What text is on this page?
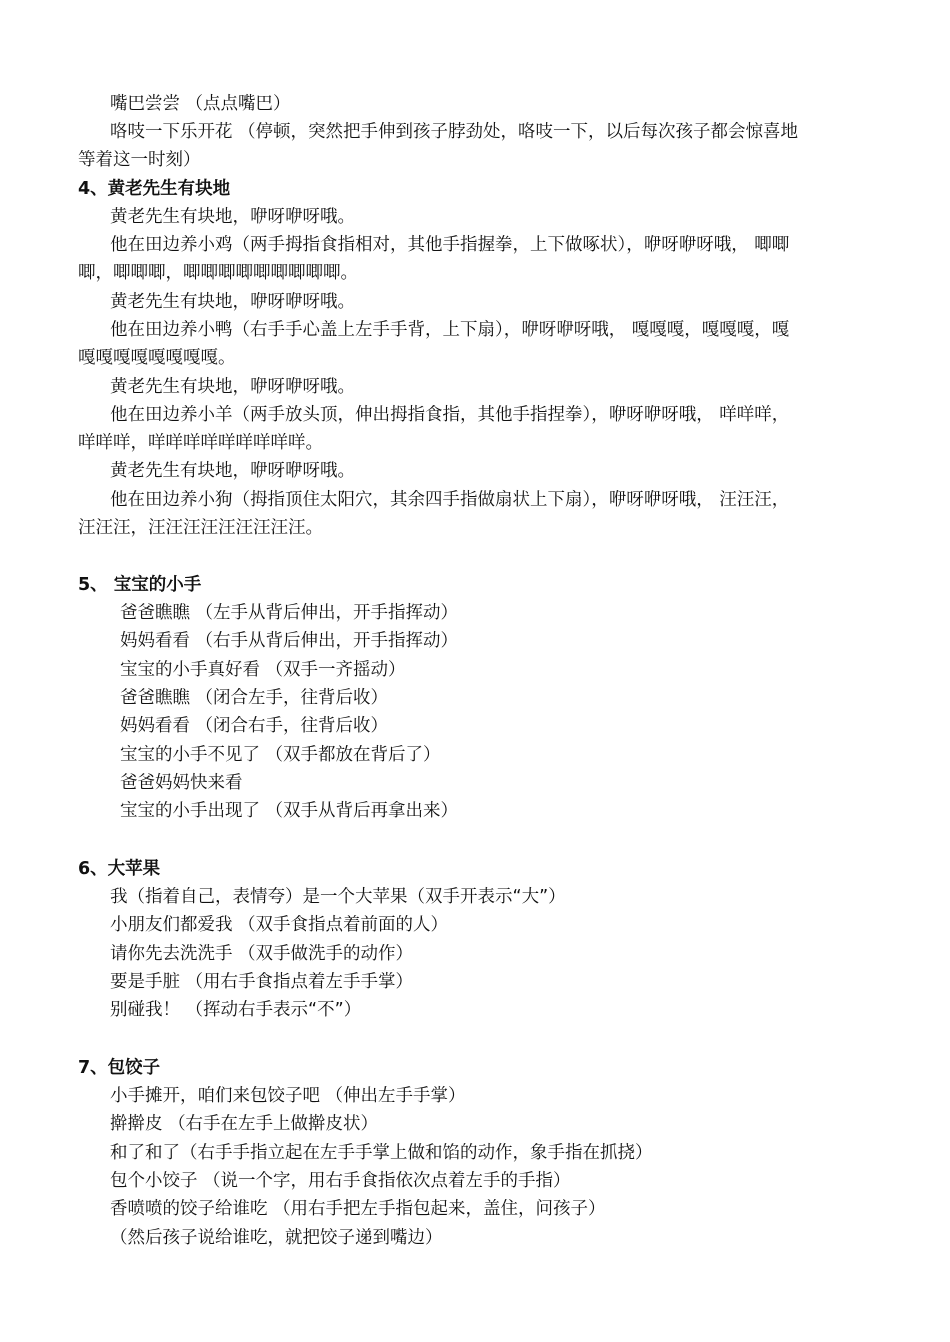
嘴巴尝尝 （点点嘴巴）
咯吱一下乐开花 （停顿，突然把手伸到孩子脖劲处，咯吱一下，以后每次孩子都会惊喜地
等着这一时刻）
4、黄老先生有块地
黄老先生有块地，咿呀咿呀哦。
他在田边养小鸡（两手拇指食指相对，其他手指握拳，上下做啄状），咿呀咿呀哦， 唧唧
唧，唧唧唧，唧唧唧唧唧唧唧唧唧。
黄老先生有块地，咿呀咿呀哦。
他在田边养小鸭（右手手心盖上左手手背，上下扇），咿呀咿呀哦， 嘎嘎嘎，嘎嘎嘎，嘎
嘎嘎嘎嘎嘎嘎嘎嘎。
黄老先生有块地，咿呀咿呀哦。
他在田边养小羊（两手放头顶，伸出拇指食指，其他手指捏拳），咿呀咿呀哦， 咩咩咩，
咩咩咩，咩咩咩咩咩咩咩咩咩。
黄老先生有块地，咿呀咿呀哦。
他在田边养小狗（拇指顶住太阳穴，其余四手指做扇状上下扇），咿呀咿呀哦， 汪汪汪，
汪汪汪，汪汪汪汪汪汪汪汪汪。
5、 宝宝的小手
爸爸瞧瞧 （左手从背后伸出，开手指挥动）
妈妈看看 （右手从背后伸出，开手指挥动）
宝宝的小手真好看 （双手一齐摇动）
爸爸瞧瞧 （闭合左手，往背后收）
妈妈看看 （闭合右手，往背后收）
宝宝的小手不见了 （双手都放在背后了）
爸爸妈妈快来看
宝宝的小手出现了 （双手从背后再拿出来）
6、大苹果
我（指着自己，表情夸）是一个大苹果（双手开表示“大”）
小朋友们都爱我 （双手食指点着前面的人）
请你先去洗洗手 （双手做洗手的动作）
要是手脏 （用右手食指点着左手手掌）
别碰我！ （挥动右手表示“不”）
7、包饺子
小手摊开，咱们来包饺子吧 （伸出左手手掌）
擀擀皮 （右手在左手上做擀皮状）
和了和了（右手手指立起在左手手掌上做和馅的动作，象手指在抓挠）
包个小饺子 （说一个字，用右手食指依次点着左手的手指）
香喷喷的饺子给谁吃 （用右手把左手指包起来，盖住，问孩子）
（然后孩子说给谁吃，就把饺子递到嘴边）
